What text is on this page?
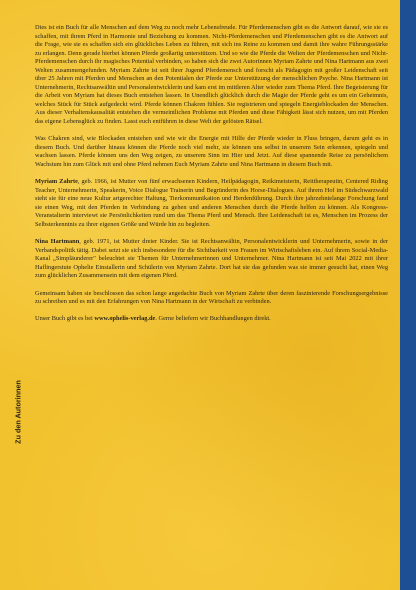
Zu den Autorinnen

Dies ist ein Buch für alle Menschen auf dem Weg zu noch mehr Lebensfreude. Für Pferdemenschen gibt es die Antwort darauf, wie sie es schaffen, mit ihrem Pferd in Harmonie und Beziehung zu kommen. Nicht-Pferdemenschen und Pferdemenschen gibt es die Antwort auf die Frage, wie sie es schaffen sich ein glückliches Leben zu führen, mit sich ins Reine zu kommen und damit ihre wahre Führungsstärke zu erlangen. Denn gerade hierbei können Pferde großartig unterstützen. Und so wie die Pferde die Welten der Pferdemenschen und Nicht-Pferdemenschen durch ihr magisches Potential verbinden, so haben sich die zwei Autorinnen Myriam Zahrte und Nina Hartmann aus zwei Welten zusammengefunden. Myriam Zahrte ist seit ihrer Jugend Pferdemensch und forscht als Pädagogin mit großer Leidenschaft seit über 25 Jahren mit Pferden und Menschen an den Potentialen der Pferde zur Unterstützung der menschlichen Psyche. Nina Hartmann ist Unternehmerin, Rechtsanwältin und Personalentwicklerin und kam erst im mittleren Alter wieder zum Thema Pferd. Ihre Begeisterung für die Arbeit von Myriam hat dieses Buch entstehen lassen. In Unendlich glücklich durch die Magie der Pferde geht es um ein Geheimnis, welches Stück für Stück aufgedeckt wird. Pferde können Chakren fühlen. Sie registrieren und spiegeln Energieblockaden der Menschen. Aus dieser Verhaltenskausalität entstehen die vermeintlichen Probleme mit Pferden und diese Fähigkeit lässt sich nutzen, um mit Pferden das eigene Lebensglück zu finden. Lasst euch entführen in diese Welt der gelösten Rätsel.

Was Chakren sind, wie Blockaden entstehen und wie wir die Energie mit Hilfe der Pferde wieder in Fluss bringen, darum geht es in diesem Buch. Und darüber hinaus können die Pferde noch viel mehr, sie können uns selbst in unserem Sein erkennen, spiegeln und wachsen lassen. Pferde können uns den Weg zeigen, zu unserem Sinn im Hier und Jetzt. Auf diese spannende Reise zu persönlichem Wachstum hin zum Glück mit und ohne Pferd nehmen Euch Myriam Zahrte und Nina Hartmann in diesem Buch mit.

Myriam Zahrte, geb. 1966, ist Mutter von fünf erwachsenen Kindern, Heilpädagogin, Reikimeisterin, Reittherapeutin, Centered Riding Teacher, Unternehmerin, Speakerin, Voice Dialogue Trainerin und Begründerin des Horse-Dialogues. Auf ihrem Hof im Südschwarzwald steht sie für eine neue Kultur artgerechter Haltung, Tierkommunikation und Herdenführung. Durch ihre jahrzehntelange Forschung fand sie einen Weg, mit den Pferden in Verbindung zu gehen und anderen Menschen durch die Pferde helfen zu können. Als Kongress-Veranstalterin interviewt sie Persönlichkeiten rund um das Thema Pferd und Mensch. Ihre Leidenschaft ist es, Menschen im Prozess der Selbsterkenntnis zu ihrer eigenen Größe und Würde hin zu begleiten.

Nina Hartmann, geb. 1971, ist Mutter dreier Kinder. Sie ist Rechtsanwältin, Personalentwicklerin und Unternehmerin, sowie in der Verbandspolitik tätig. Dabei setzt sie sich insbesondere für die Sichtbarkeit von Frauen im Wirtschaftsleben ein. Auf ihrem Social-Media-Kanal „Simpläunderer" beleuchtet sie Themen für Unternehmerinnen und Unternehmer. Nina Hartmann ist seit Mai 2022 mit ihrer Haflingerstute Ophelie Einstallerin und Schülerin von Myriam Zahrte. Dort hat sie das gefunden was sie immer gesucht hat, einen Weg zum glücklichen Zusammensein mit dem eigenen Pferd.

Gemeinsam haben sie beschlossen das schon lange angedachte Buch von Myriam Zahrte über deren faszinierende Forschungsergebnisse zu schreiben und es mit den Erfahrungen von Nina Hartmann in der Wirtschaft zu verbinden.

Unser Buch gibt es bei www.ophelis-verlag.de. Gerne beliefern wir Buchhandlungen direkt.
